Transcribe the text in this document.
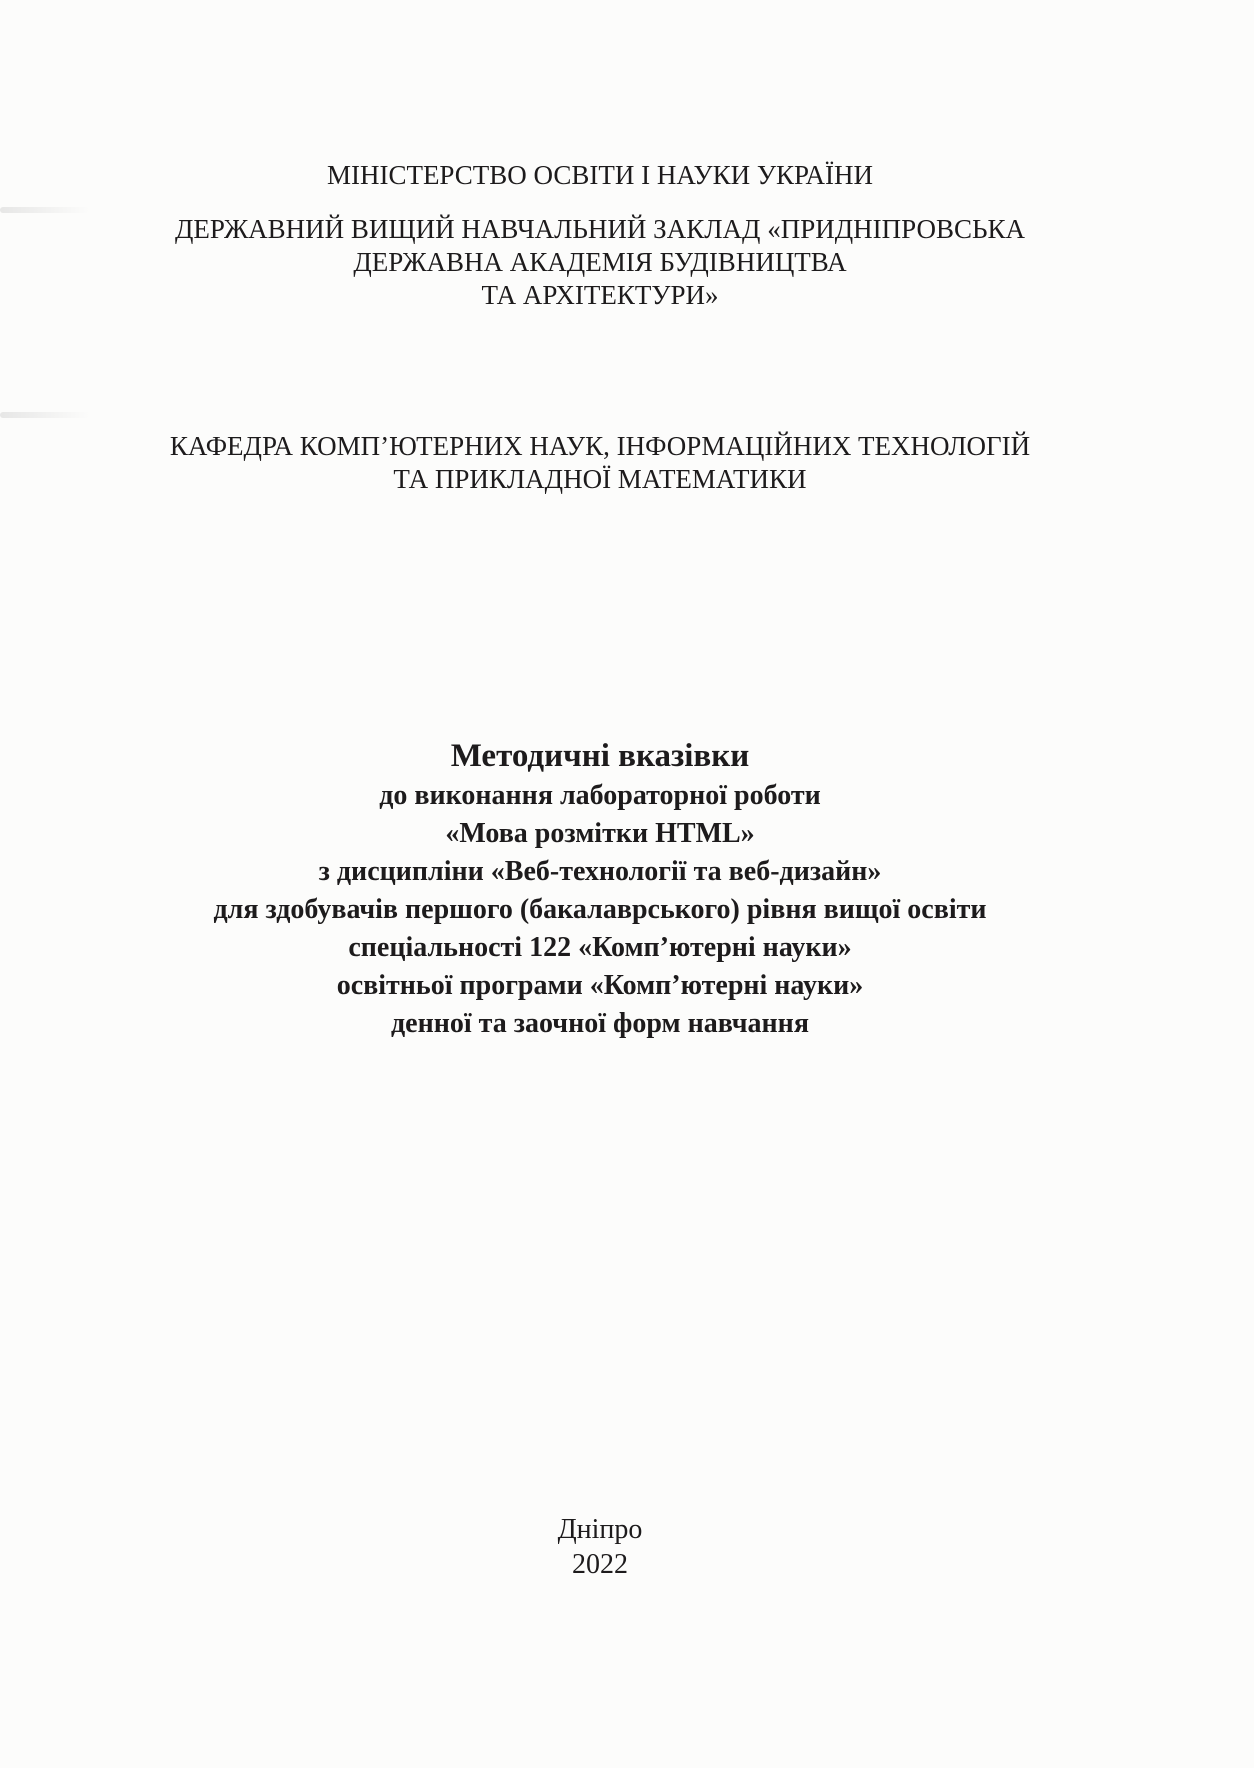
МІНІСТЕРСТВО ОСВІТИ І НАУКИ УКРАЇНИ
ДЕРЖАВНИЙ ВИЩИЙ НАВЧАЛЬНИЙ ЗАКЛАД «ПРИДНІПРОВСЬКА
ДЕРЖАВНА АКАДЕМІЯ БУДІВНИЦТВА
ТА АРХІТЕКТУРИ»
КАФЕДРА КОМП’ЮТЕРНИХ НАУК, ІНФОРМАЦІЙНИХ ТЕХНОЛОГІЙ
ТА ПРИКЛАДНОЇ МАТЕМАТИКИ
Методичні вказівки
до виконання лабораторної роботи
«Мова розмітки HTML»
з дисципліни «Веб-технології та веб-дизайн»
для здобувачів першого (бакалаврського) рівня вищої освіти
спеціальності 122 «Комп’ютерні науки»
освітньої програми «Комп’ютерні науки»
денної та заочної форм навчання
Дніпро
2022
